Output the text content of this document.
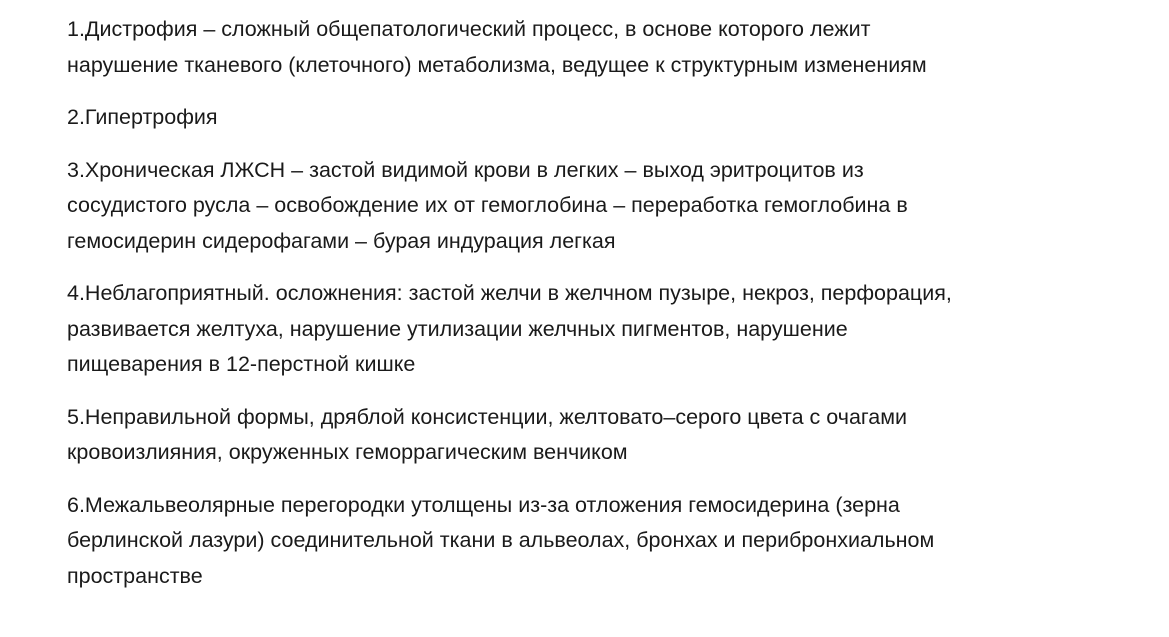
1.Дистрофия – сложный общепатологический процесс, в основе которого лежит
нарушение тканевого (клеточного) метаболизма, ведущее к структурным изменениям

2.Гипертрофия

3.Хроническая ЛЖСН – застой видимой крови в легких – выход эритроцитов из
сосудистого русла – освобождение их от гемоглобина – переработка гемоглобина в
гемосидерин сидерофагами – бурая индурация легкая

4.Неблагоприятный. осложнения: застой желчи в желчном пузыре, некроз, перфорация,
развивается желтуха, нарушение утилизации желчных пигментов, нарушение
пищеварения в 12-перстной кишке

5.Неправильной формы, дряблой консистенции, желтовато–серого цвета с очагами
кровоизлияния, окруженных геморрагическим венчиком

6.Межальвеолярные перегородки утолщены из-за отложения гемосидерина (зерна
берлинской лазури) соединительной ткани в альвеолах, бронхах и перибронхиальном
пространстве
